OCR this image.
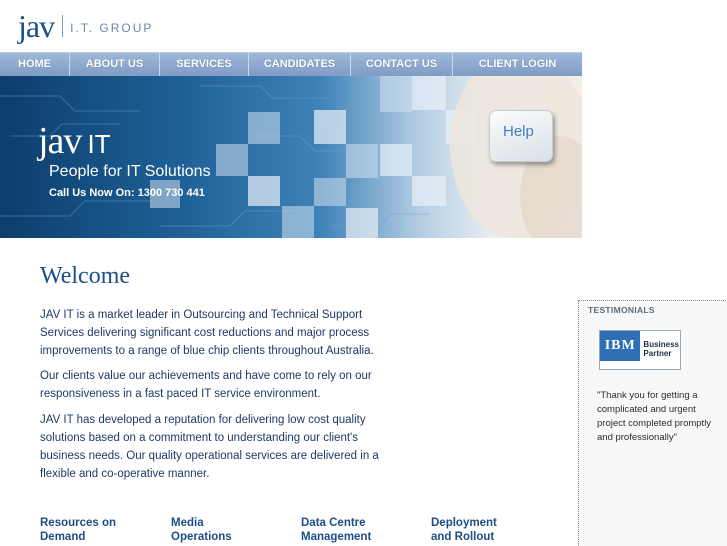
jav I.T. GROUP
HOME	ABOUT US	SERVICES	CANDIDATES	CONTACT US	CLIENT LOGIN
jav IT
People for IT Solutions
Call Us Now On: 1300 730 441
Help
Welcome

JAV IT is a market leader in Outsourcing and Technical Support Services delivering significant cost reductions and major process improvements to a range of blue chip clients throughout Australia.

Our clients value our achievements and have come to rely on our responsiveness in a fast paced IT service environment.

JAV IT has developed a reputation for delivering low cost quality solutions based on a commitment to understanding our client's business needs. Our quality operational services are delivered in a flexible and co-operative manner.

Resources on
Demand
Media
Operations
Data Centre
Management
Deployment
and Rollout
TESTIMONIALS
IBM Business
Partner
"Thank you for getting a complicated and urgent project completed promptly and professionally"
